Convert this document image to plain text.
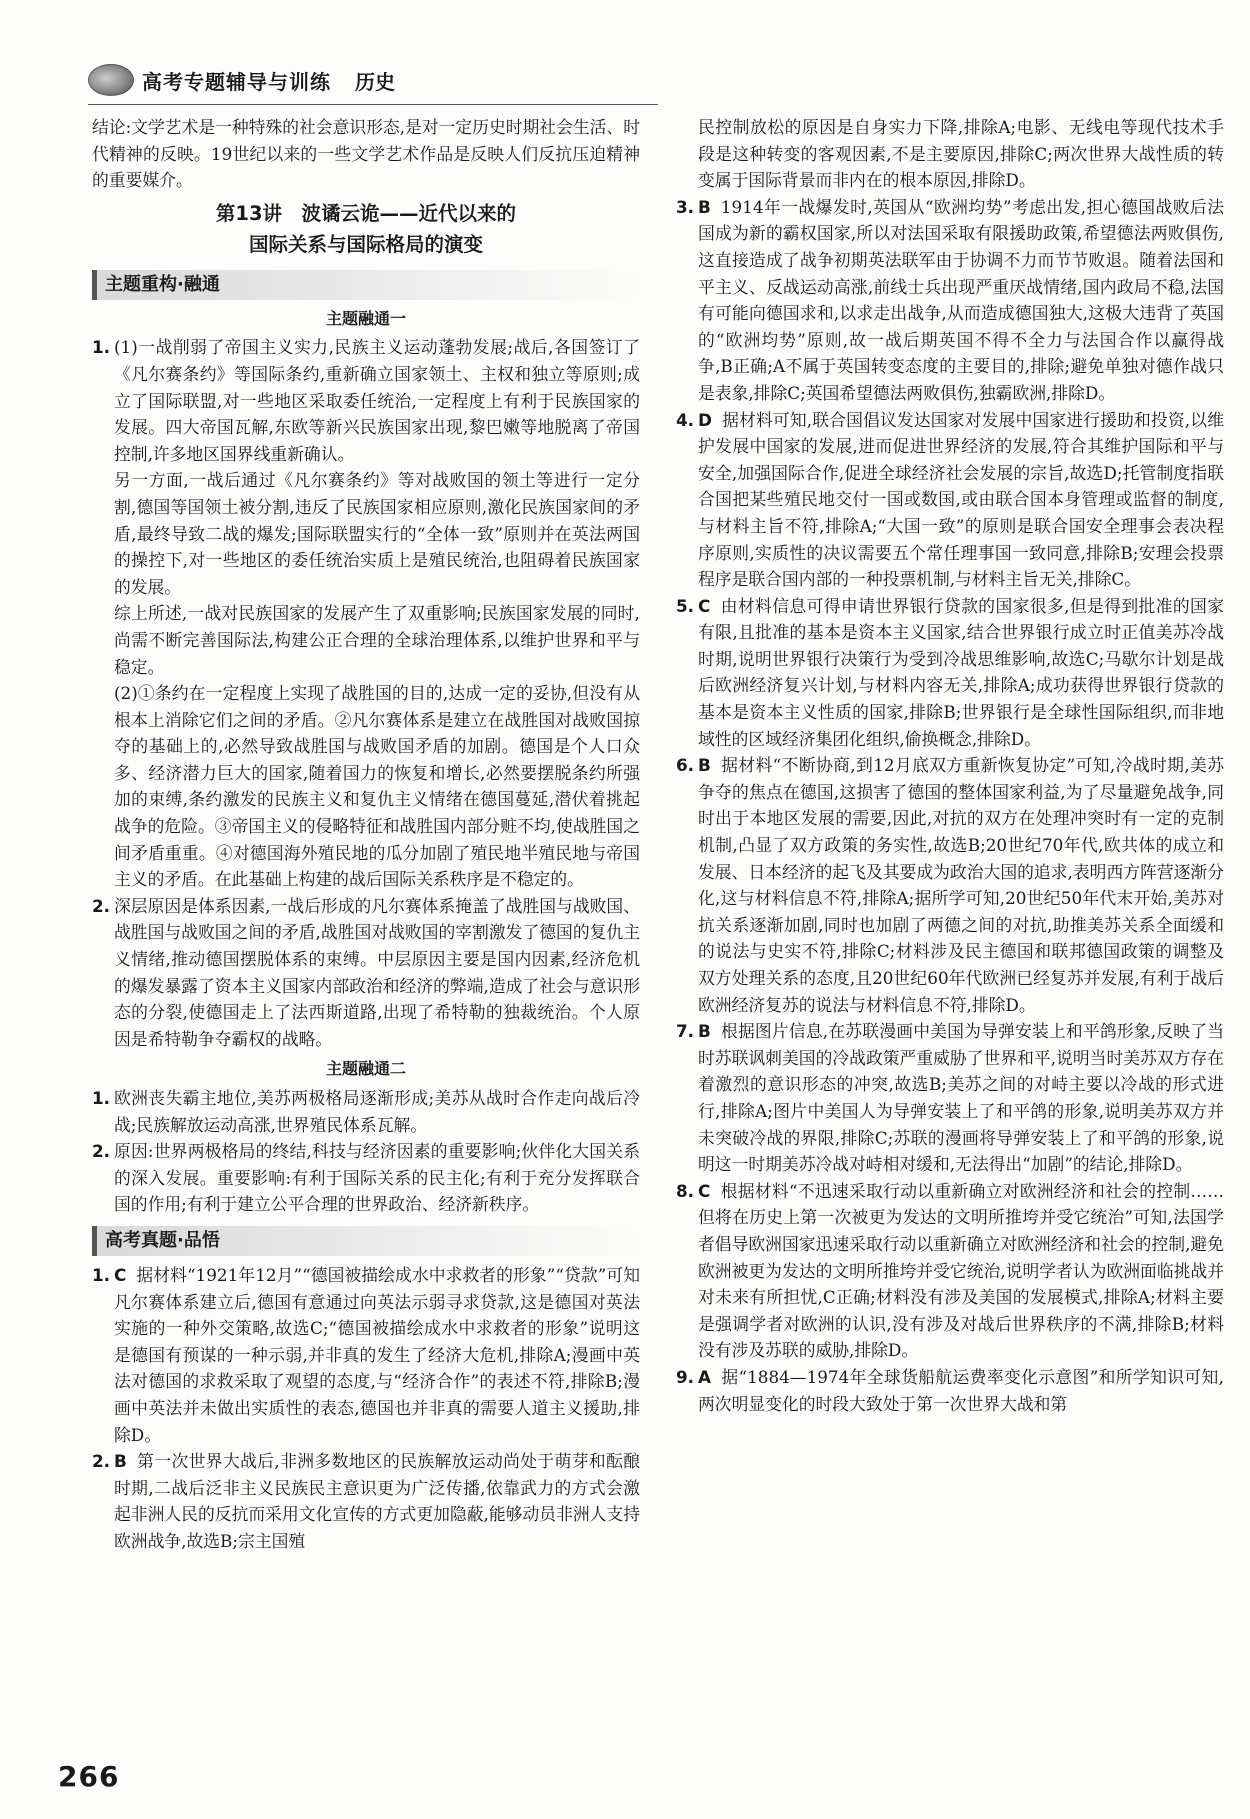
高考专题辅导与训练 历史
结论:文学艺术是一种特殊的社会意识形态,是对一定历史时期社会生活、时代精神的反映。19世纪以来的一些文学艺术作品是反映人们反抗压迫精神的重要媒介。
第13讲　波谲云诡——近代以来的
国际关系与国际格局的演变
主题重构·融通
主题融通一
1. (1)一战削弱了帝国主义实力,民族主义运动蓬勃发展;战后,各国签订了《凡尔赛条约》等国际条约,重新确立国家领土、主权和独立等原则;成立了国际联盟,对一些地区采取委任统治,一定程度上有利于民族国家的发展。四大帝国瓦解,东欧等新兴民族国家出现,黎巴嫩等地脱离了帝国控制,许多地区国界线重新确认。
另一方面,一战后通过《凡尔赛条约》等对战败国的领土等进行一定分割,德国等国领土被分割,违反了民族国家相应原则,激化民族国家间的矛盾,最终导致二战的爆发;国际联盟实行的“全体一致”原则并在英法两国的操控下,对一些地区的委任统治实质上是殖民统治,也阻碍着民族国家的发展。
综上所述,一战对民族国家的发展产生了双重影响;民族国家发展的同时,尚需不断完善国际法,构建公正合理的全球治理体系,以维护世界和平与稳定。
(2)①条约在一定程度上实现了战胜国的目的,达成一定的妥协,但没有从根本上消除它们之间的矛盾。②凡尔赛体系是建立在战胜国对战败国掠夺的基础上的,必然导致战胜国与战败国矛盾的加剧。德国是个人口众多、经济潜力巨大的国家,随着国力的恢复和增长,必然要摆脱条约所强加的束缚,条约激发的民族主义和复仇主义情绪在德国蔓延,潜伏着挑起战争的危险。③帝国主义的侵略特征和战胜国内部分赃不均,使战胜国之间矛盾重重。④对德国海外殖民地的瓜分加剧了殖民地半殖民地与帝国主义的矛盾。在此基础上构建的战后国际关系秩序是不稳定的。
2. 深层原因是体系因素,一战后形成的凡尔赛体系掩盖了战胜国与战败国、战胜国与战败国之间的矛盾,战胜国对战败国的宰割激发了德国的复仇主义情绪,推动德国摆脱体系的束缚。中层原因主要是国内因素,经济危机的爆发暴露了资本主义国家内部政治和经济的弊端,造成了社会与意识形态的分裂,使德国走上了法西斯道路,出现了希特勒的独裁统治。个人原因是希特勒争夺霸权的战略。
主题融通二
1. 欧洲丧失霸主地位,美苏两极格局逐渐形成;美苏从战时合作走向战后冷战;民族解放运动高涨,世界殖民体系瓦解。
2. 原因:世界两极格局的终结,科技与经济因素的重要影响;伙伴化大国关系的深入发展。重要影响:有利于国际关系的民主化;有利于充分发挥联合国的作用;有利于建立公平合理的世界政治、经济新秩序。
高考真题·品悟
1. C 据材料“1921年12月”“德国被描绘成水中求救者的形象”“贷款”可知凡尔赛体系建立后,德国有意通过向英法示弱寻求贷款,这是德国对英法实施的一种外交策略,故选C;“德国被描绘成水中求救者的形象”说明这是德国有预谋的一种示弱,并非真的发生了经济大危机,排除A;漫画中英法对德国的求救采取了观望的态度,与“经济合作”的表述不符,排除B;漫画中英法并未做出实质性的表态,德国也并非真的需要人道主义援助,排除D。
2. B 第一次世界大战后,非洲多数地区的民族解放运动尚处于萌芽和酝酿时期,二战后泛非主义民族民主意识更为广泛传播,依靠武力的方式会激起非洲人民的反抗而采用文化宣传的方式更加隐蔽,能够动员非洲人支持欧洲战争,故选B;宗主国殖
民控制放松的原因是自身实力下降,排除A;电影、无线电等现代技术手段是这种转变的客观因素,不是主要原因,排除C;两次世界大战性质的转变属于国际背景而非内在的根本原因,排除D。
3. B 1914年一战爆发时,英国从“欧洲均势”考虑出发,担心德国战败后法国成为新的霸权国家,所以对法国采取有限援助政策,希望德法两败俱伤,这直接造成了战争初期英法联军由于协调不力而节节败退。随着法国和平主义、反战运动高涨,前线士兵出现严重厌战情绪,国内政局不稳,法国有可能向德国求和,以求走出战争,从而造成德国独大,这极大违背了英国的“欧洲均势”原则,故一战后期英国不得不全力与法国合作以赢得战争,B正确;A不属于英国转变态度的主要目的,排除;避免单独对德作战只是表象,排除C;英国希望德法两败俱伤,独霸欧洲,排除D。
4. D 据材料可知,联合国倡议发达国家对发展中国家进行援助和投资,以维护发展中国家的发展,进而促进世界经济的发展,符合其维护国际和平与安全,加强国际合作,促进全球经济社会发展的宗旨,故选D;托管制度指联合国把某些殖民地交付一国或数国,或由联合国本身管理或监督的制度,与材料主旨不符,排除A;“大国一致”的原则是联合国安全理事会表决程序原则,实质性的决议需要五个常任理事国一致同意,排除B;安理会投票程序是联合国内部的一种投票机制,与材料主旨无关,排除C。
5. C 由材料信息可得申请世界银行贷款的国家很多,但是得到批准的国家有限,且批准的基本是资本主义国家,结合世界银行成立时正值美苏冷战时期,说明世界银行决策行为受到冷战思维影响,故选C;马歇尔计划是战后欧洲经济复兴计划,与材料内容无关,排除A;成功获得世界银行贷款的基本是资本主义性质的国家,排除B;世界银行是全球性国际组织,而非地域性的区域经济集团化组织,偷换概念,排除D。
6. B 据材料“不断协商,到12月底双方重新恢复协定”可知,冷战时期,美苏争夺的焦点在德国,这损害了德国的整体国家利益,为了尽量避免战争,同时出于本地区发展的需要,因此,对抗的双方在处理冲突时有一定的克制机制,凸显了双方政策的务实性,故选B;20世纪70年代,欧共体的成立和发展、日本经济的起飞及其要成为政治大国的追求,表明西方阵营逐渐分化,这与材料信息不符,排除A;据所学可知,20世纪50年代末开始,美苏对抗关系逐渐加剧,同时也加剧了两德之间的对抗,助推美苏关系全面缓和的说法与史实不符,排除C;材料涉及民主德国和联邦德国政策的调整及双方处理关系的态度,且20世纪60年代欧洲已经复苏并发展,有利于战后欧洲经济复苏的说法与材料信息不符,排除D。
7. B 根据图片信息,在苏联漫画中美国为导弹安装上和平鸽形象,反映了当时苏联讽刺美国的冷战政策严重威胁了世界和平,说明当时美苏双方存在着激烈的意识形态的冲突,故选B;美苏之间的对峙主要以冷战的形式进行,排除A;图片中美国人为导弹安装上了和平鸽的形象,说明美苏双方并未突破冷战的界限,排除C;苏联的漫画将导弹安装上了和平鸽的形象,说明这一时期美苏冷战对峙相对缓和,无法得出“加剧”的结论,排除D。
8. C 根据材料“不迅速采取行动以重新确立对欧洲经济和社会的控制……但将在历史上第一次被更为发达的文明所推垮并受它统治”可知,法国学者倡导欧洲国家迅速采取行动以重新确立对欧洲经济和社会的控制,避免欧洲被更为发达的文明所推垮并受它统治,说明学者认为欧洲面临挑战并对未来有所担忧,C正确;材料没有涉及美国的发展模式,排除A;材料主要是强调学者对欧洲的认识,没有涉及对战后世界秩序的不满,排除B;材料没有涉及苏联的威胁,排除D。
9. A 据“1884—1974年全球货船航运费率变化示意图”和所学知识可知,两次明显变化的时段大致处于第一次世界大战和第
266
